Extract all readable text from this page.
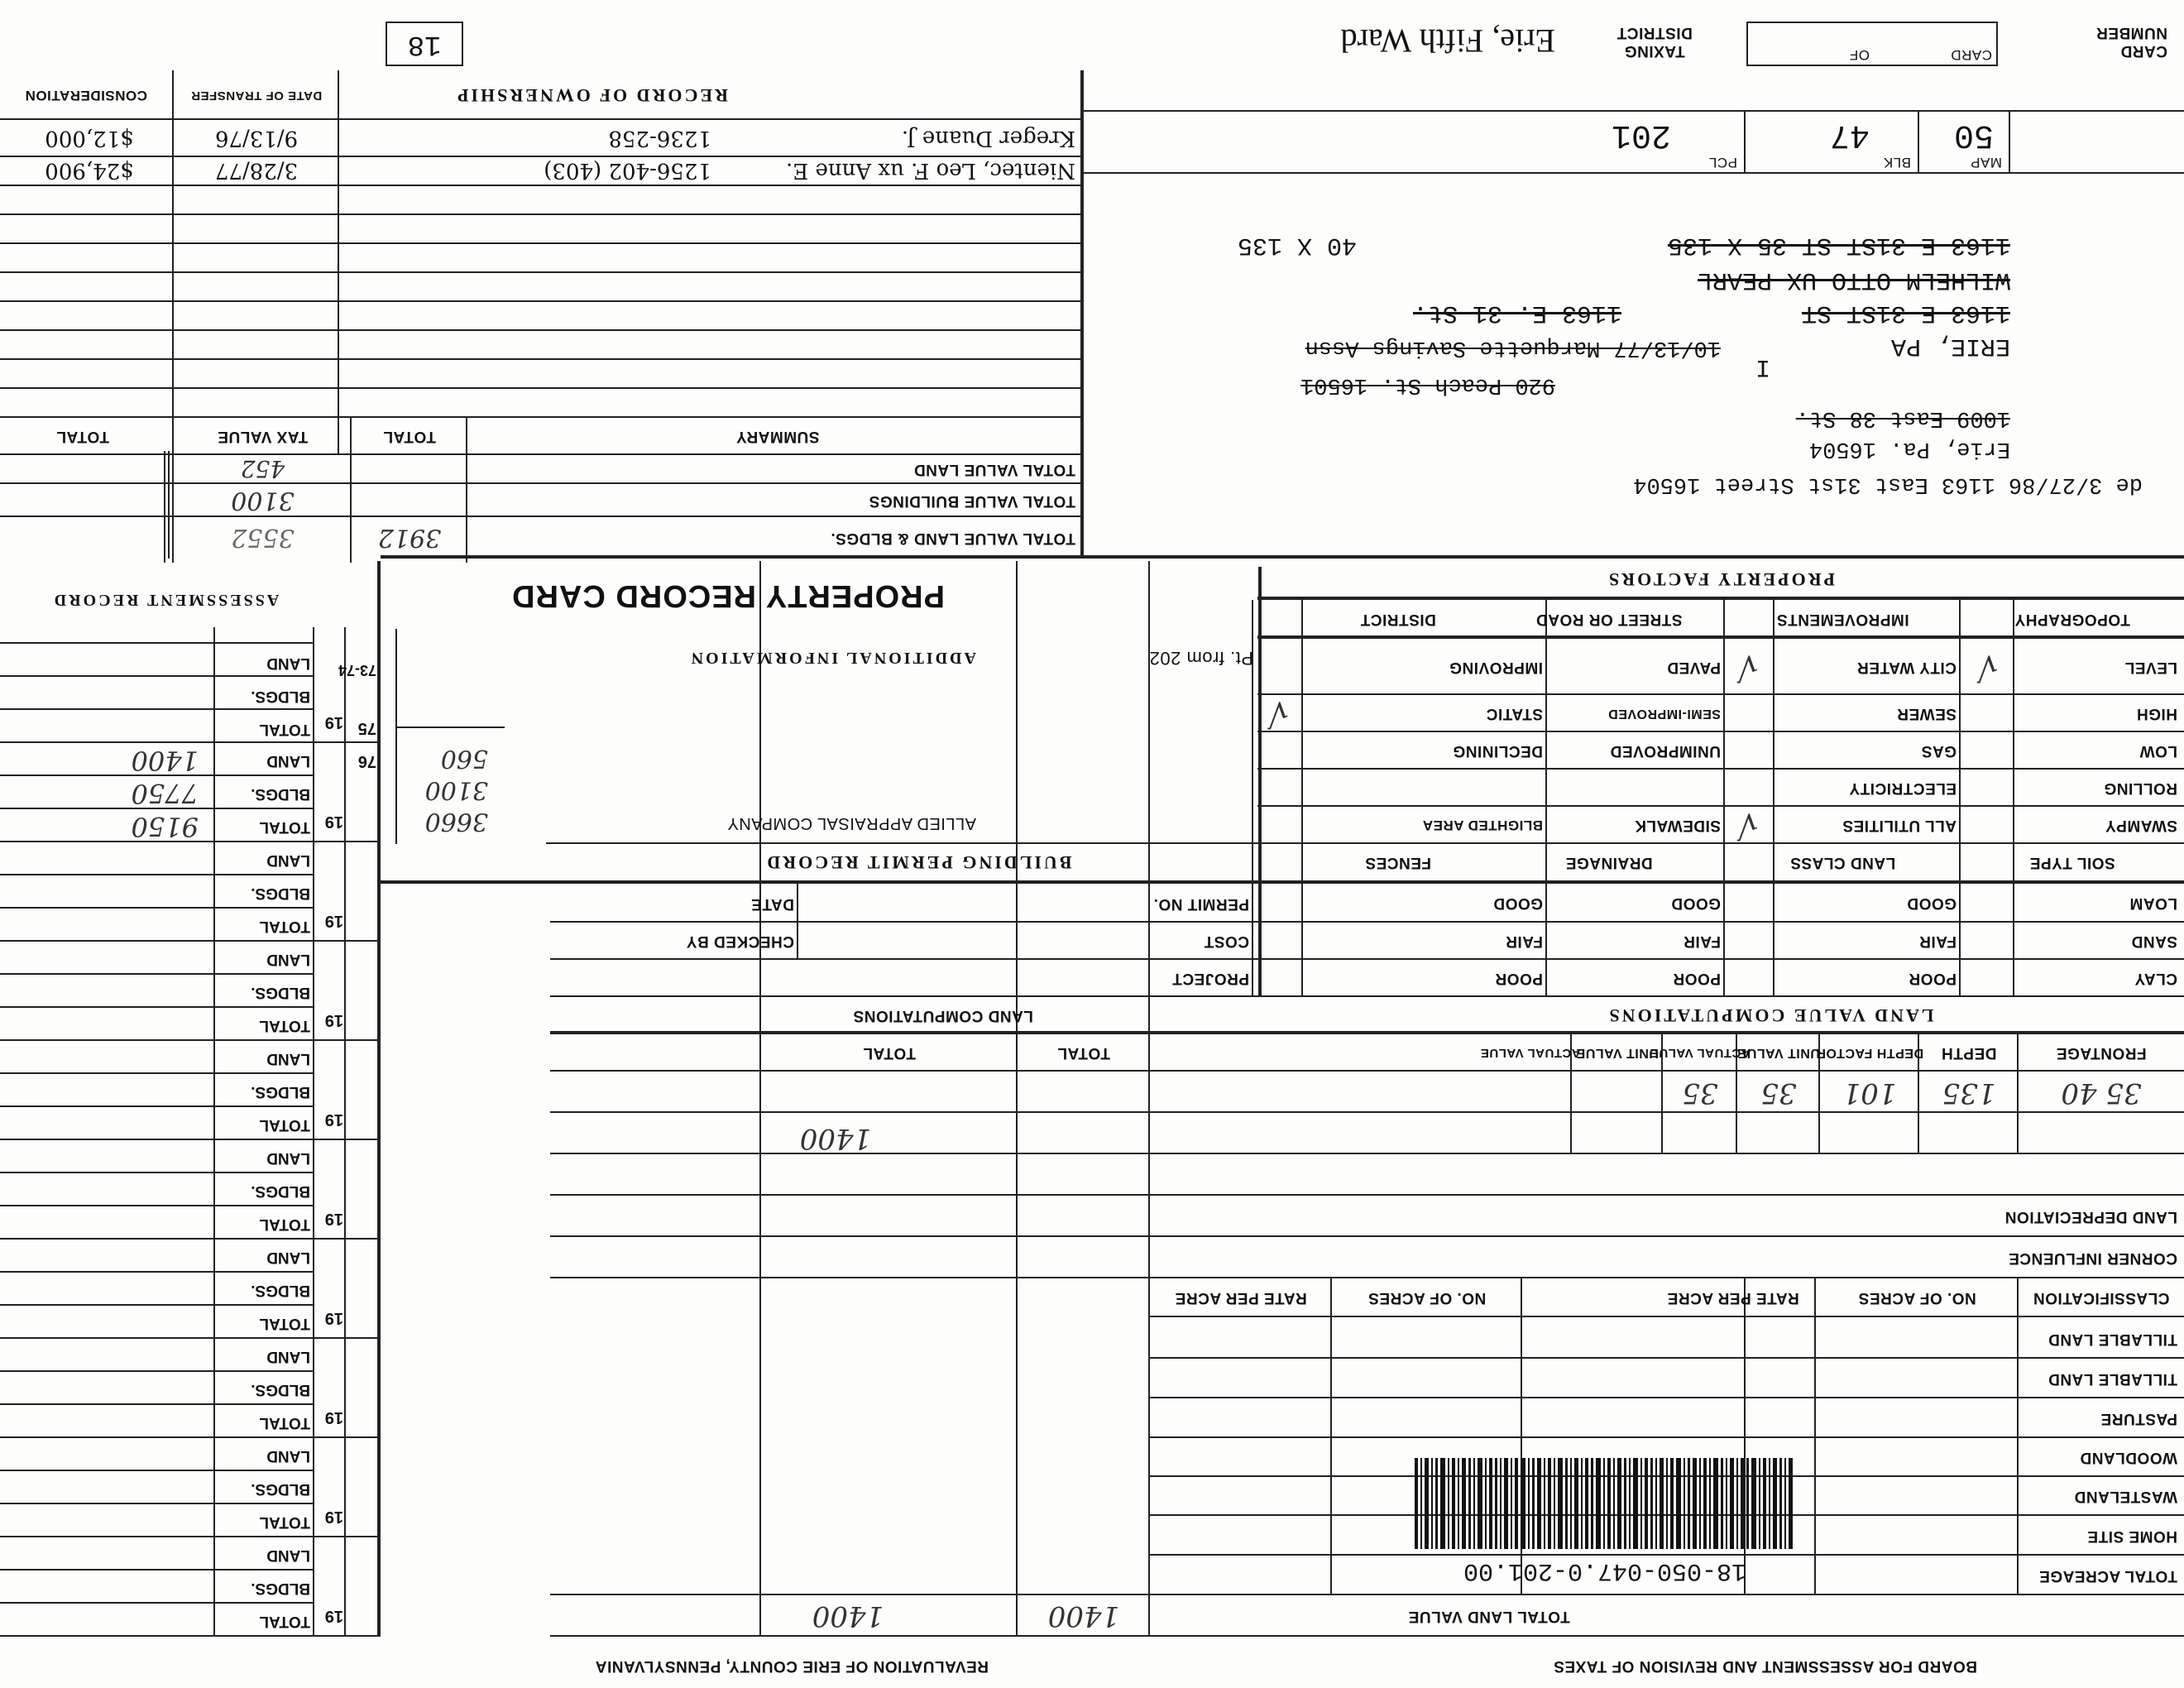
REVALUATION OF ERIE COUNTY, PENNSYLVANIA	BOARD FOR ASSESSMENT AND REVISION OF TAXES
TOTAL LAND VALUE
1400
1400
TOTAL ACREAGE
HOME SITE
WASTELAND
WOODLAND
PASTURE
TILLABLE LAND
TILLABLE LAND
CLASSIFICATION
NO. OF ACRES
RATE PER ACRE
NO. OF ACRES
RATE PER ACRE
CORNER INFLUENCE
LAND DEPRECIATION
18-050-047.0-201.00
FRONTAGE
DEPTH
DEPTH FACTOR
UNIT VALUE
ACTUAL VALUE
UNIT VALUE
ACTUAL VALUE
TOTAL
TOTAL
35 40
135
101
35
35
1400
LAND VALUE COMPUTATIONS
LAND COMPUTATIONS
CLAY
POOR
POOR
POOR
SAND
FAIR
FAIR
FAIR
LOAM
GOOD
GOOD
GOOD
SOIL TYPE
LAND CLASS
DRAINAGE
FENCES
PROJECT
COST
PERMIT NO.
CHECKED BY
DATE
BUILDING PERMIT RECORD
SWAMPY
ALL UTILITIES
SIDEWALK
BLIGHTED AREA
ROLLING
ELECTRICITY
LOW
GAS
UNIMPROVED
DECLINING
HIGH
SEWER
SEMI-IMPROVED
STATIC
LEVEL
CITY WATER
PAVED
IMPROVING	√
√
√
√
TOPOGRAPHY
IMPROVEMENTS
STREET OR ROAD
DISTRICT
PROPERTY FACTORS
Pt. from 202
ADDITIONAL INFORMATION
ALLIED APPRAISAL COMPANY
3660
3100
560
PROPERTY RECORD CARD
1163 E 31ST ST 35 X 135
40 X 135
WILHELM OTTO UX PEARL
1163 E 31ST ST
1163 E. 31 St.
ERIE, PA
I
10/13/77 Marquette Savings Assn
920 Peach St. 16501
1009 East 38 St.
Erie, Pa. 16504
de 3/27/86 1163 East 31st Street 16504
MAP
50
BLK
47
PCL
201
CARD NUMBER
CARD
OF
TAXING DISTRICT
Erie, Fifth Ward
18
RECORD OF OWNERSHIP
DATE OF TRANSFER
CONSIDERATION
Kreger Duane J.
1236-258
9/13/76
$12,000
Nientec, Leo F. ux Anne E.
1256-402 (403)
3/28/77
$24,900
SUMMARY
TOTAL
TAX VALUE
TOTAL
TOTAL VALUE LAND
TOTAL VALUE BUILDINGS
TOTAL VALUE LAND & BLDGS.
452
3100
3912
3552
ASSESSMENT RECORD
LAND
BLDGS.
TOTAL 19
73-74
75
76
LAND
BLDGS.
TOTAL 19
1400
7750
9150
LAND
BLDGS.
TOTAL 19
LAND
BLDGS.
TOTAL 19
LAND
BLDGS.
TOTAL 19
LAND
BLDGS.
TOTAL 19
LAND
BLDGS.
TOTAL 19
LAND
BLDGS.
TOTAL 19
LAND
BLDGS.
TOTAL 19
LAND
BLDGS.
TOTAL 19
